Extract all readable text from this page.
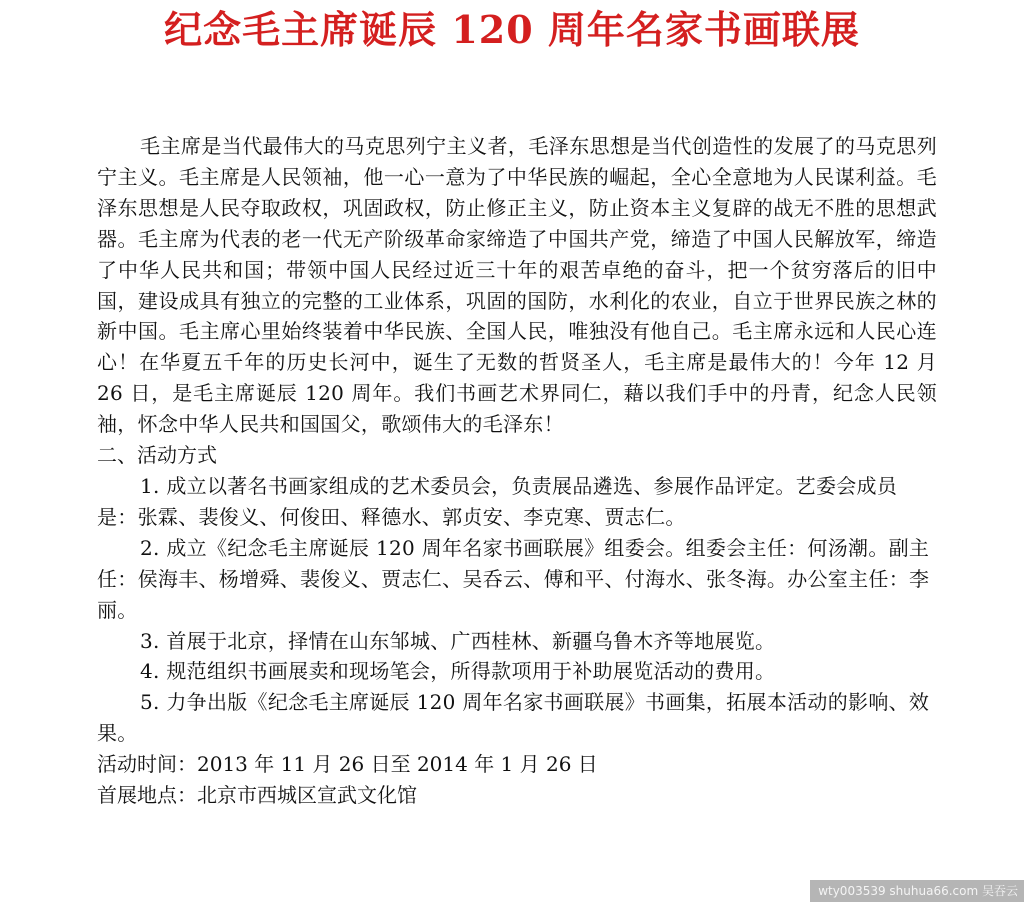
纪念毛主席诞辰 120 周年名家书画联展

毛主席是当代最伟大的马克思列宁主义者，毛泽东思想是当代创造性的发展了的马克思列宁主义。毛主席是人民领袖，他一心一意为了中华民族的崛起，全心全意地为人民谋利益。毛泽东思想是人民夺取政权，巩固政权，防止修正主义，防止资本主义复辟的战无不胜的思想武器。毛主席为代表的老一代无产阶级革命家缔造了中国共产党，缔造了中国人民解放军，缔造了中华人民共和国；带领中国人民经过近三十年的艰苦卓绝的奋斗，把一个贫穷落后的旧中国，建设成具有独立的完整的工业体系，巩固的国防，水利化的农业，自立于世界民族之林的新中国。毛主席心里始终装着中华民族、全国人民，唯独没有他自己。毛主席永远和人民心连心！在华夏五千年的历史长河中，诞生了无数的哲贤圣人，毛主席是最伟大的！今年 12 月 26 日，是毛主席诞辰 120 周年。我们书画艺术界同仁，藉以我们手中的丹青，纪念人民领袖，怀念中华人民共和国国父，歌颂伟大的毛泽东！

二、活动方式

1. 成立以著名书画家组成的艺术委员会，负责展品遴选、参展作品评定。艺委会成员是：张霖、裴俊义、何俊田、释德水、郭贞安、李克寒、贾志仁。

2. 成立《纪念毛主席诞辰 120 周年名家书画联展》组委会。组委会主任：何汤潮。副主任：侯海丰、杨增舜、裴俊义、贾志仁、吴呑云、傅和平、付海水、张冬海。办公室主任：李丽。

3. 首展于北京，择情在山东邹城、广西桂林、新疆乌鲁木齐等地展览。

4. 规范组织书画展卖和现场笔会，所得款项用于补助展览活动的费用。

5. 力争出版《纪念毛主席诞辰 120 周年名家书画联展》书画集，拓展本活动的影响、效果。

活动时间：2013 年 11 月 26 日至 2014 年 1 月 26 日

首展地点：北京市西城区宣武文化馆

wty003539 shuhua66.com 吴吞云
